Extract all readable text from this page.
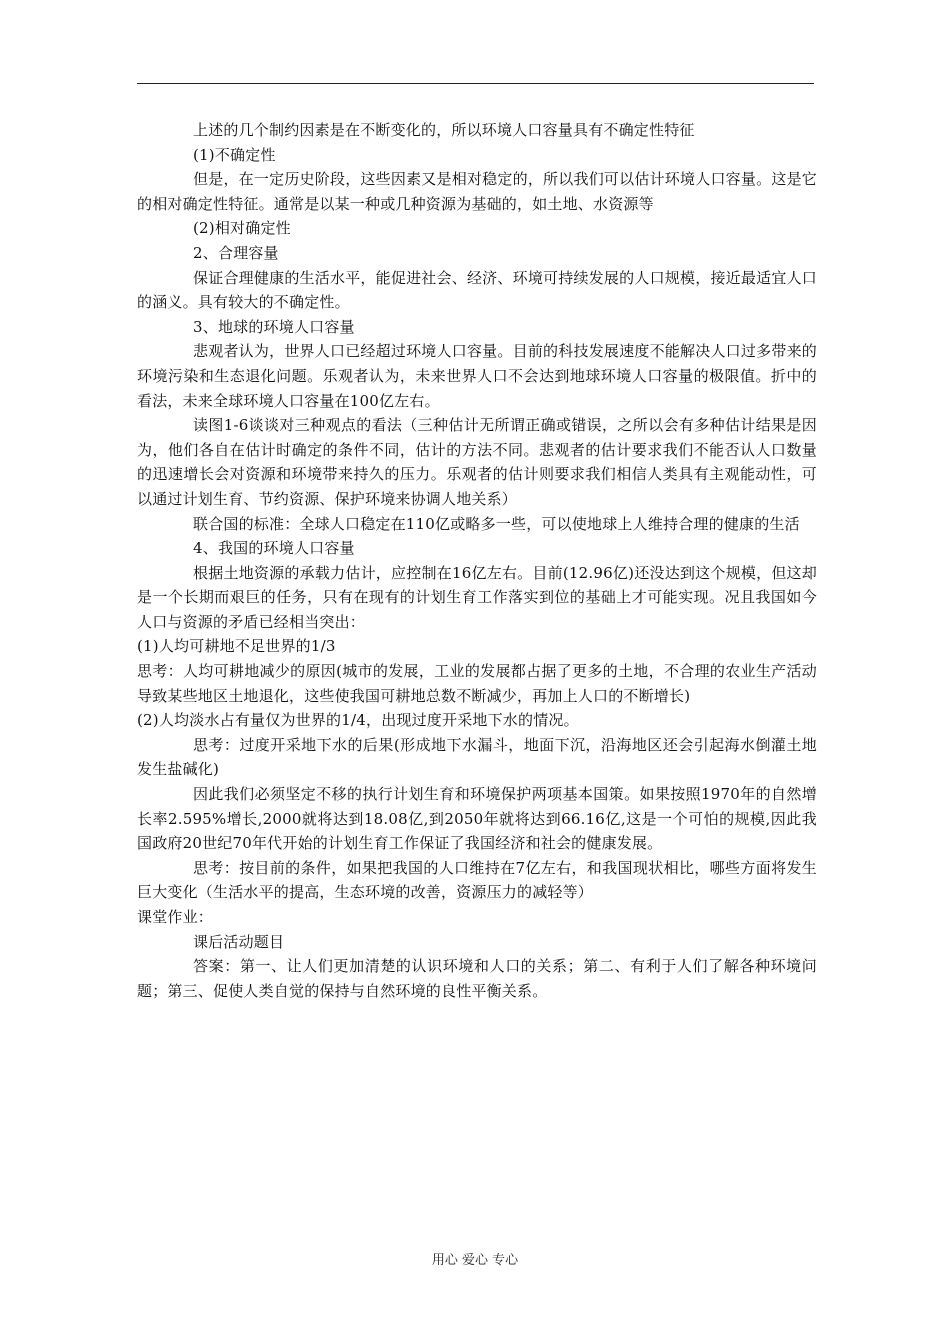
上述的几个制约因素是在不断变化的，所以环境人口容量具有不确定性特征

(1)不确定性

但是，在一定历史阶段，这些因素又是相对稳定的，所以我们可以估计环境人口容量。这是它的相对确定性特征。通常是以某一种或几种资源为基础的，如土地、水资源等

(2)相对确定性

2、合理容量

保证合理健康的生活水平，能促进社会、经济、环境可持续发展的人口规模，接近最适宜人口的涵义。具有较大的不确定性。

3、地球的环境人口容量

悲观者认为，世界人口已经超过环境人口容量。目前的科技发展速度不能解决人口过多带来的环境污染和生态退化问题。乐观者认为，未来世界人口不会达到地球环境人口容量的极限值。折中的看法，未来全球环境人口容量在100亿左右。

读图1-6谈谈对三种观点的看法（三种估计无所谓正确或错误，之所以会有多种估计结果是因为，他们各自在估计时确定的条件不同，估计的方法不同。悲观者的估计要求我们不能否认人口数量的迅速增长会对资源和环境带来持久的压力。乐观者的估计则要求我们相信人类具有主观能动性，可以通过计划生育、节约资源、保护环境来协调人地关系）

联合国的标准：全球人口稳定在110亿或略多一些，可以使地球上人维持合理的健康的生活

4、我国的环境人口容量

根据土地资源的承载力估计，应控制在16亿左右。目前(12.96亿)还没达到这个规模，但这却是一个长期而艰巨的任务，只有在现有的计划生育工作落实到位的基础上才可能实现。况且我国如今人口与资源的矛盾已经相当突出：

(1)人均可耕地不足世界的1/3

思考：人均可耕地减少的原因(城市的发展，工业的发展都占据了更多的土地，不合理的农业生产活动导致某些地区土地退化，这些使我国可耕地总数不断减少，再加上人口的不断增长)

(2)人均淡水占有量仅为世界的1/4，出现过度开采地下水的情况。

思考：过度开采地下水的后果(形成地下水漏斗，地面下沉，沿海地区还会引起海水倒灌土地发生盐碱化)

因此我们必须坚定不移的执行计划生育和环境保护两项基本国策。如果按照1970年的自然增长率2.595%增长,2000就将达到18.08亿,到2050年就将达到66.16亿,这是一个可怕的规模,因此我国政府20世纪70年代开始的计划生育工作保证了我国经济和社会的健康发展。

思考：按目前的条件，如果把我国的人口维持在7亿左右，和我国现状相比，哪些方面将发生巨大变化（生活水平的提高，生态环境的改善，资源压力的减轻等）

课堂作业：

课后活动题目

答案：第一、让人们更加清楚的认识环境和人口的关系；第二、有利于人们了解各种环境问题；第三、促使人类自觉的保持与自然环境的良性平衡关系。

用心 爱心 专心
